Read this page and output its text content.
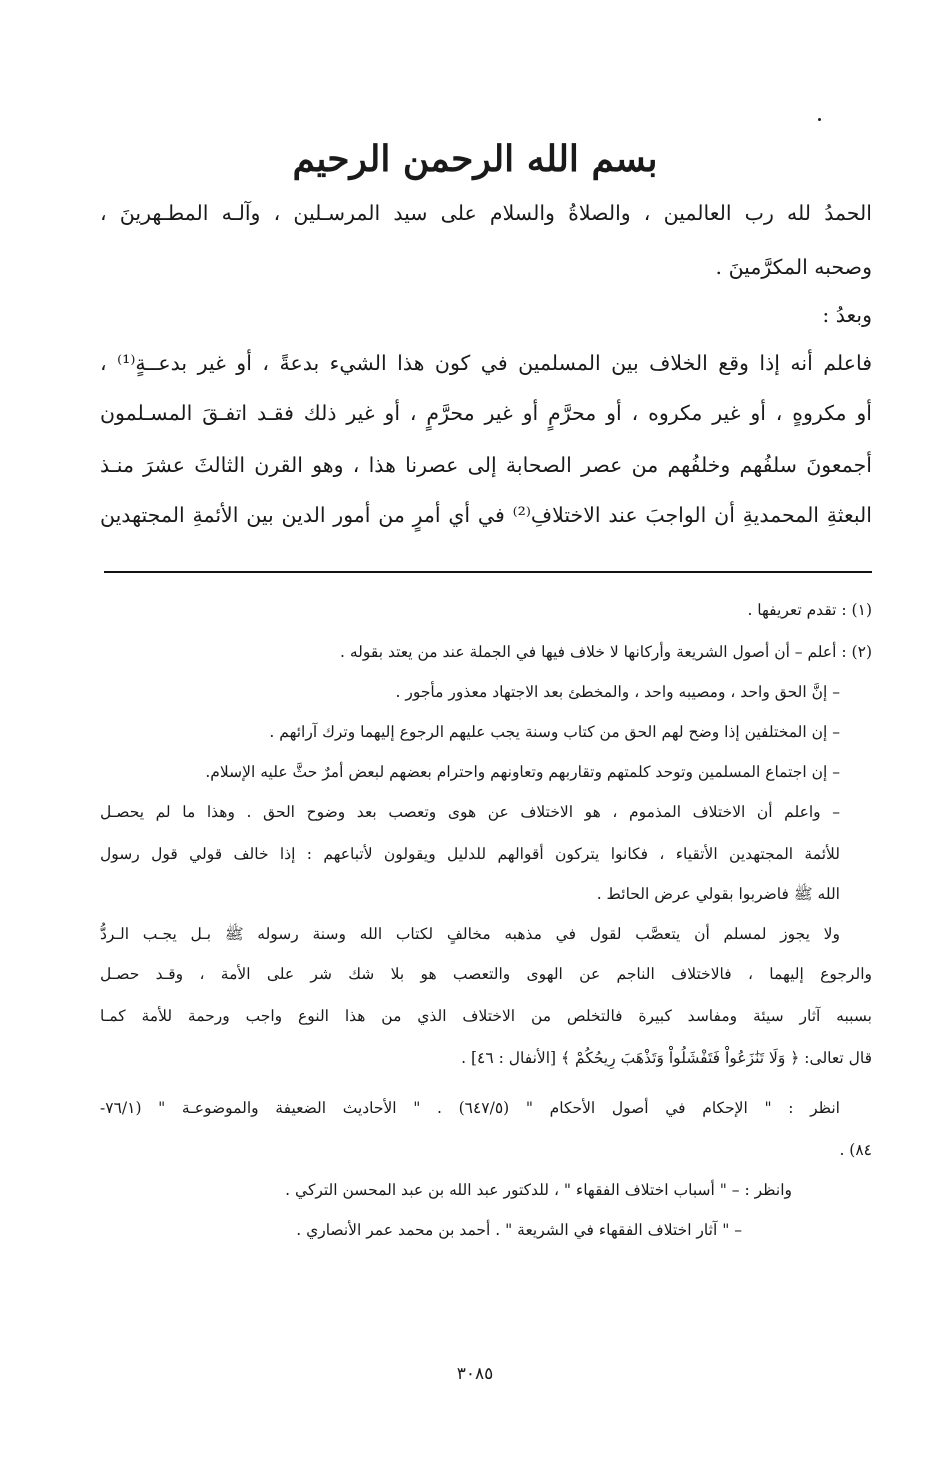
بسم الله الرحمن الرحيم
الحمدُ لله رب العالمين ، والصلاةُ والسلام على سيد المرسـلين ، وآلـه المطـهرينَ ،
وصحبه المكرَّمينَ .
وبعدُ :
فاعلم أنه إذا وقع الخلاف بين المسلمين في كون هذا الشيء بدعةً ، أو غير بدعــةٍ⁽¹⁾ ،
أو مكروهٍ ، أو غير مكروه ، أو محرَّمٍ أو غير محرَّمٍ ، أو غير ذلك فقـد اتفـقَ المسـلمون
أجمعونَ سلفُهم وخلفُهم من عصر الصحابة إلى عصرنا هذا ، وهو القرن الثالثَ عشرَ منـذ
البعثةِ المحمديةِ أن الواجبَ عند الاختلافِ⁽²⁾ في أي أمرٍ من أمور الدين بين الأئمةِ المجتهدين
(١) : تقدم تعريفها .
(٢) : أعلم – أن أصول الشريعة وأركانها لا خلاف فيها في الجملة عند من يعتد بقوله .
– إنَّ الحق واحد ، ومصيبه واحد ، والمخطئ بعد الاجتهاد معذور مأجور .
– إن المختلفين إذا وضح لهم الحق من كتاب وسنة يجب عليهم الرجوع إليهما وترك آرائهم .
– إن اجتماع المسلمين وتوحد كلمتهم وتقاربهم وتعاونهم واحترام بعضهم لبعض أمرٌ حثَّ عليه الإسلام.
– واعلم أن الاختلاف المذموم ، هو الاختلاف عن هوى وتعصب بعد وضوح الحق . وهذا ما لم يحصـل
للأئمة المجتهدين الأتقياء ، فكانوا يتركون أقوالهم للدليل ويقولون لأتباعهم : إذا خالف قولي قول رسول
الله ﷺ فاضربوا بقولي عرض الحائط .
ولا يجوز لمسلم أن يتعصَّب لقول في مذهبه مخالفٍ لكتاب الله وسنة رسوله ﷺ بـل يجـب الـردُّ
والرجوع إليهما ، فالاختلاف الناجم عن الهوى والتعصب هو بلا شك شر على الأمة ، وقـد حصـل
بسببه آثار سيئة ومفاسد كبيرة فالتخلص من الاختلاف الذي من هذا النوع واجب ورحمة للأمة كمـا
قال تعالى: ﴿ وَلَا تَنَٰزَعُواْ فَتَفْشَلُواْ وَتَذْهَبَ رِيحُكُمْ ﴾ [الأنفال : ٤٦] .
انظر : " الإحكام في أصول الأحكام " (٦٤٧/٥) . " الأحاديث الضعيفة والموضوعـة " (٧٦/١-
٨٤) .
وانظر : – " أسباب اختلاف الفقهاء " ، للدكتور عبد الله بن عبد المحسن التركي .
– " آثار اختلاف الفقهاء في الشريعة " . أحمد بن محمد عمر الأنصاري .
٣٠٨٥
